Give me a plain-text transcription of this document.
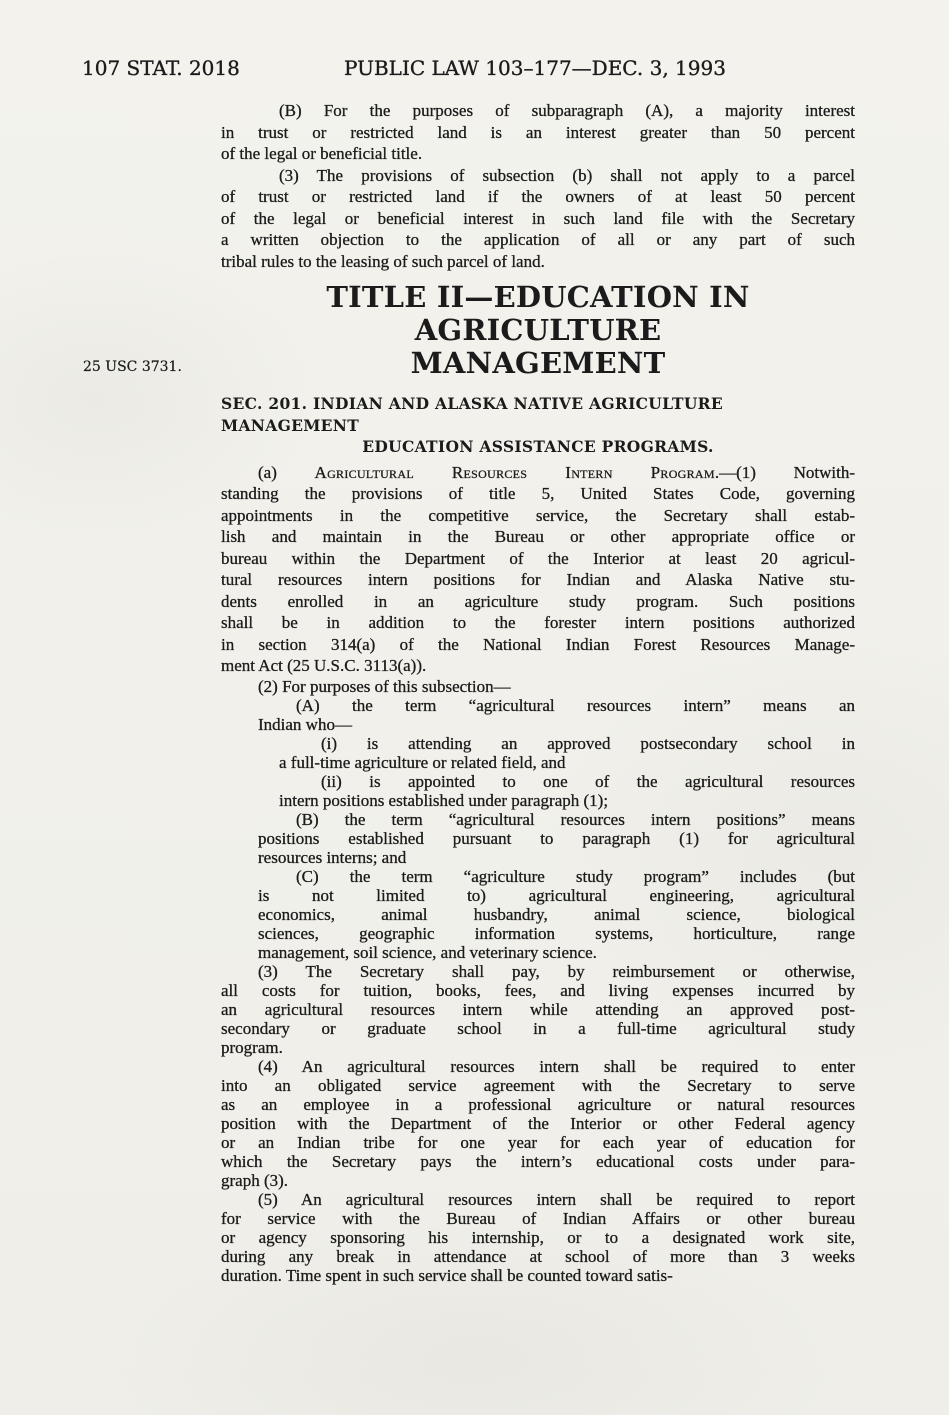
107 STAT. 2018	PUBLIC LAW 103–177—DEC. 3, 1993
25 USC 3731.
(B) For the purposes of subparagraph (A), a majority interest
in trust or restricted land is an interest greater than 50 percent
of the legal or beneficial title.
(3) The provisions of subsection (b) shall not apply to a parcel
of trust or restricted land if the owners of at least 50 percent
of the legal or beneficial interest in such land file with the Secretary
a written objection to the application of all or any part of such
tribal rules to the leasing of such parcel of land.
TITLE II—EDUCATION IN AGRICULTURE
MANAGEMENT
SEC. 201. INDIAN AND ALASKA NATIVE AGRICULTURE MANAGEMENT
EDUCATION ASSISTANCE PROGRAMS.
(a) Agricultural Resources Intern Program.—(1) Notwith-
standing the provisions of title 5, United States Code, governing
appointments in the competitive service, the Secretary shall estab-
lish and maintain in the Bureau or other appropriate office or
bureau within the Department of the Interior at least 20 agricul-
tural resources intern positions for Indian and Alaska Native stu-
dents enrolled in an agriculture study program. Such positions
shall be in addition to the forester intern positions authorized
in section 314(a) of the National Indian Forest Resources Manage-
ment Act (25 U.S.C. 3113(a)).
(2) For purposes of this subsection—
(A) the term “agricultural resources intern” means an
Indian who—
(i) is attending an approved postsecondary school in
a full-time agriculture or related field, and
(ii) is appointed to one of the agricultural resources
intern positions established under paragraph (1);
(B) the term “agricultural resources intern positions” means
positions established pursuant to paragraph (1) for agricultural
resources interns; and
(C) the term “agriculture study program” includes (but
is not limited to) agricultural engineering, agricultural
economics, animal husbandry, animal science, biological
sciences, geographic information systems, horticulture, range
management, soil science, and veterinary science.
(3) The Secretary shall pay, by reimbursement or otherwise,
all costs for tuition, books, fees, and living expenses incurred by
an agricultural resources intern while attending an approved post-
secondary or graduate school in a full-time agricultural study
program.
(4) An agricultural resources intern shall be required to enter
into an obligated service agreement with the Secretary to serve
as an employee in a professional agriculture or natural resources
position with the Department of the Interior or other Federal agency
or an Indian tribe for one year for each year of education for
which the Secretary pays the intern’s educational costs under para-
graph (3).
(5) An agricultural resources intern shall be required to report
for service with the Bureau of Indian Affairs or other bureau
or agency sponsoring his internship, or to a designated work site,
during any break in attendance at school of more than 3 weeks
duration. Time spent in such service shall be counted toward satis-
